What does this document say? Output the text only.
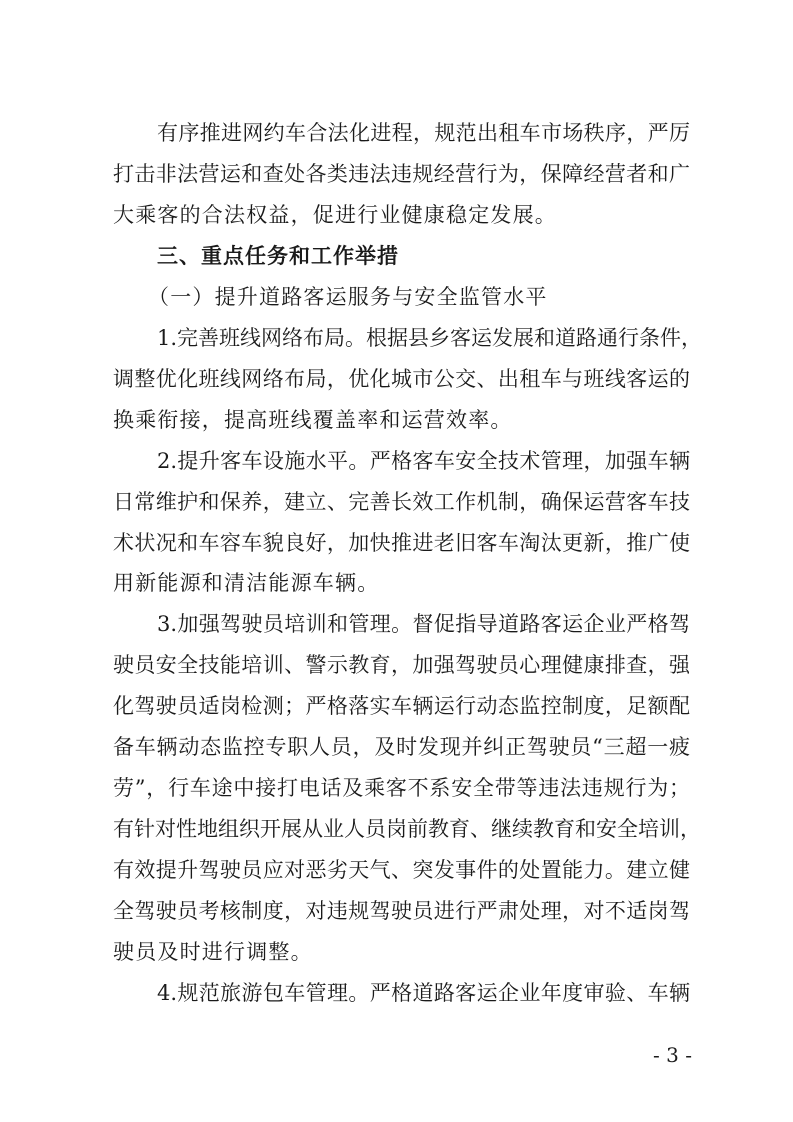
有序推进网约车合法化进程，规范出租车市场秩序，严厉
打击非法营运和查处各类违法违规经营行为，保障经营者和广
大乘客的合法权益，促进行业健康稳定发展。
三、重点任务和工作举措
（一）提升道路客运服务与安全监管水平
1.完善班线网络布局。根据县乡客运发展和道路通行条件，
调整优化班线网络布局，优化城市公交、出租车与班线客运的
换乘衔接，提高班线覆盖率和运营效率。
2.提升客车设施水平。严格客车安全技术管理，加强车辆
日常维护和保养，建立、完善长效工作机制，确保运营客车技
术状况和车容车貌良好，加快推进老旧客车淘汰更新，推广使
用新能源和清洁能源车辆。
3.加强驾驶员培训和管理。督促指导道路客运企业严格驾
驶员安全技能培训、警示教育，加强驾驶员心理健康排查，强
化驾驶员适岗检测；严格落实车辆运行动态监控制度，足额配
备车辆动态监控专职人员，及时发现并纠正驾驶员“三超一疲
劳”，行车途中接打电话及乘客不系安全带等违法违规行为；
有针对性地组织开展从业人员岗前教育、继续教育和安全培训，
有效提升驾驶员应对恶劣天气、突发事件的处置能力。建立健
全驾驶员考核制度，对违规驾驶员进行严肃处理，对不适岗驾
驶员及时进行调整。
4.规范旅游包车管理。严格道路客运企业年度审验、车辆
- 3 -
